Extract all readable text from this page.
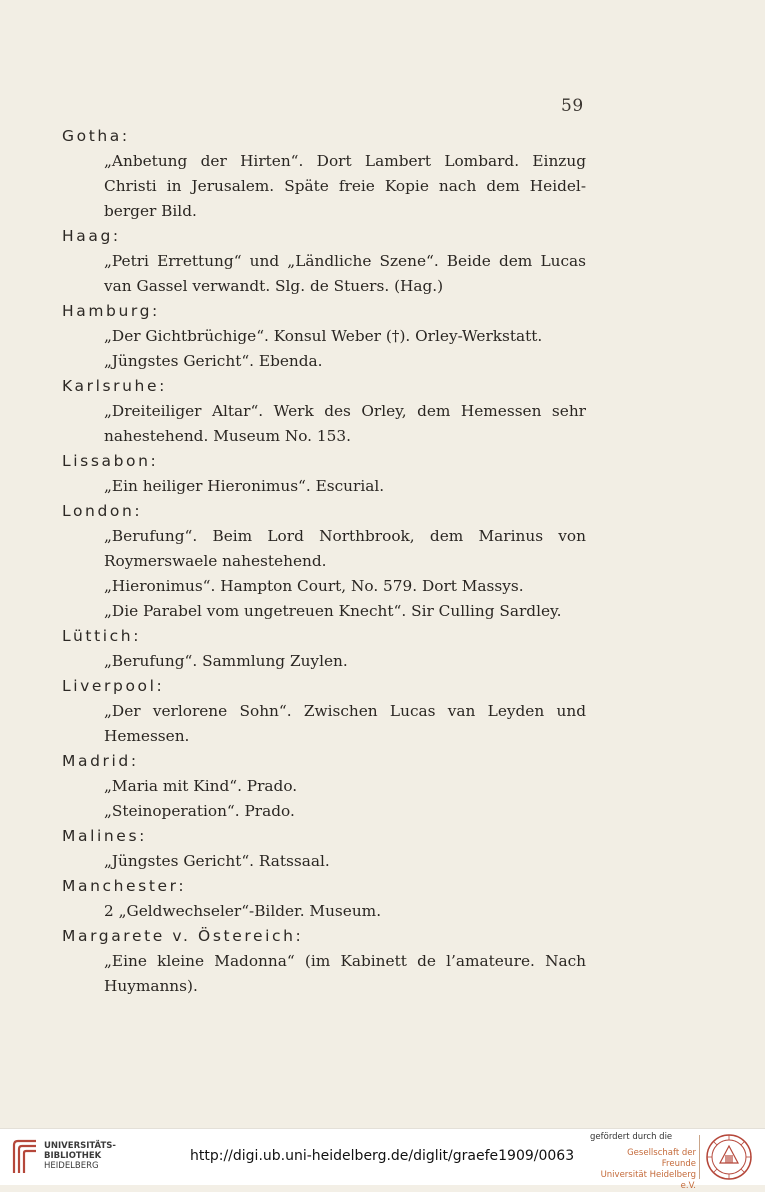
59
Gotha:
„Anbetung der Hirten“. Dort Lambert Lombard. Einzug
Christi in Jerusalem. Späte freie Kopie nach dem Heidel-
berger Bild.
Haag:
„Petri Errettung“ und „Ländliche Szene“. Beide dem Lucas
van Gassel verwandt. Slg. de Stuers. (Hag.)
Hamburg:
„Der Gichtbrüchige“. Konsul Weber (†). Orley-Werkstatt.
„Jüngstes Gericht“. Ebenda.
Karlsruhe:
„Dreiteiliger Altar“. Werk des Orley, dem Hemessen sehr
nahestehend. Museum No. 153.
Lissabon:
„Ein heiliger Hieronimus“. Escurial.
London:
„Berufung“. Beim Lord Northbrook, dem Marinus von
Roymerswaele nahestehend.
„Hieronimus“. Hampton Court, No. 579. Dort Massys.
„Die Parabel vom ungetreuen Knecht“. Sir Culling Sardley.
Lüttich:
„Berufung“. Sammlung Zuylen.
Liverpool:
„Der verlorene Sohn“. Zwischen Lucas van Leyden und
Hemessen.
Madrid:
„Maria mit Kind“. Prado.
„Steinoperation“. Prado.
Malines:
„Jüngstes Gericht“. Ratssaal.
Manchester:
2 „Geldwechseler“-Bilder. Museum.
Margarete v. Östereich:
„Eine kleine Madonna“ (im Kabinett de l’amateure. Nach
Huymanns).
UNIVERSITÄTS-
BIBLIOTHEK
HEIDELBERG
http://digi.ub.uni-heidelberg.de/diglit/graefe1909/0063
gefördert durch die
Gesellschaft der Freunde
Universität Heidelberg e.V.
